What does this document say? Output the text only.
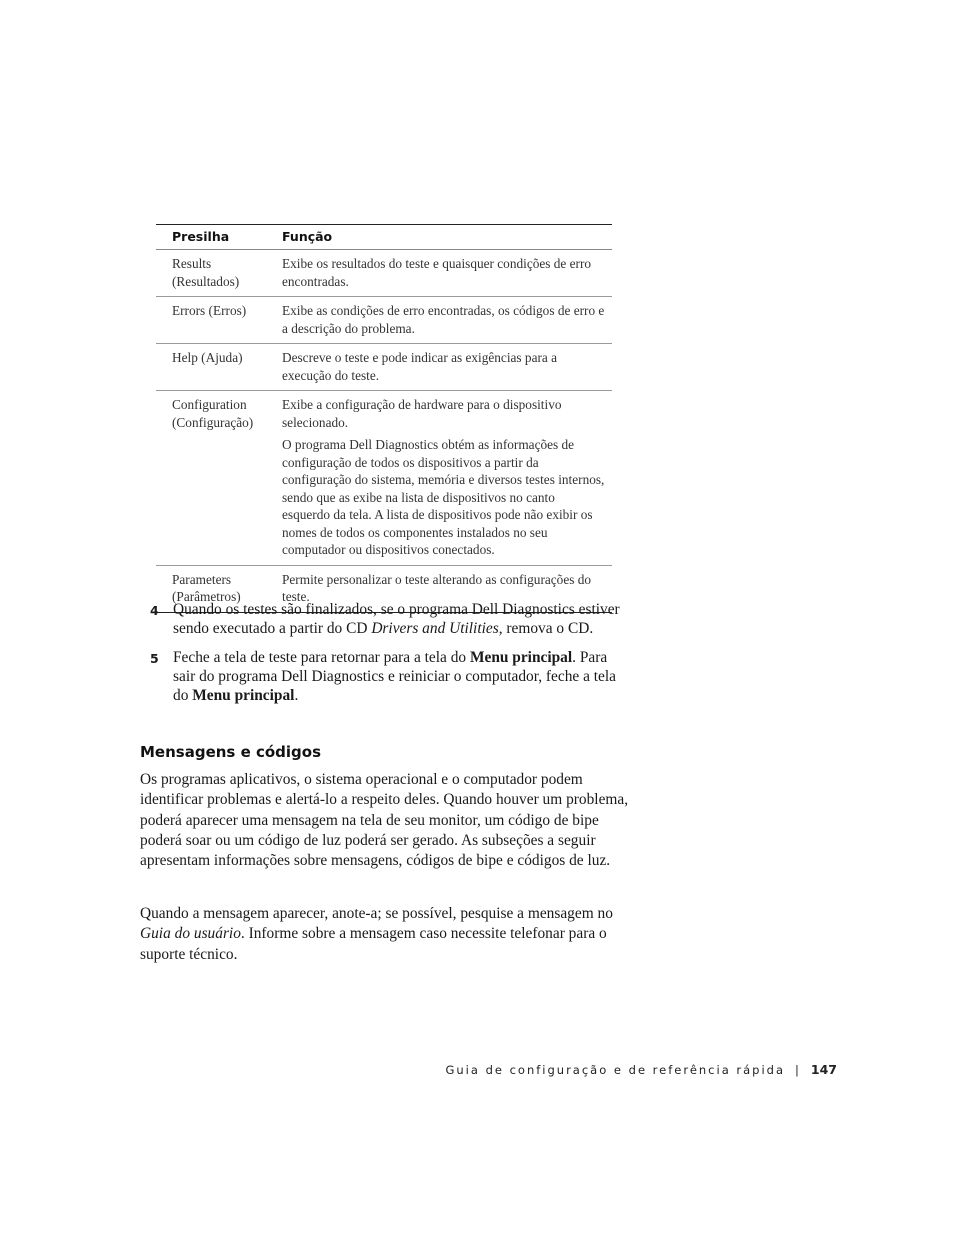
Presilha	Função
Results (Resultados)	Exibe os resultados do teste e quaisquer condições de erro encontradas.
Errors (Erros)	Exibe as condições de erro encontradas, os códigos de erro e a descrição do problema.
Help (Ajuda)	Descreve o teste e pode indicar as exigências para a execução do teste.
Configuration (Configuração)	Exibe a configuração de hardware para o dispositivo selecionado.
O programa Dell Diagnostics obtém as informações de configuração de todos os dispositivos a partir da configuração do sistema, memória e diversos testes internos, sendo que as exibe na lista de dispositivos no canto esquerdo da tela. A lista de dispositivos pode não exibir os nomes de todos os componentes instalados no seu computador ou dispositivos conectados.

Parameters (Parâmetros)	Permite personalizar o teste alterando as configurações do teste.
4 Quando os testes são finalizados, se o programa Dell Diagnostics estiver sendo executado a partir do CD Drivers and Utilities, remova o CD.
5 Feche a tela de teste para retornar para a tela do Menu principal. Para sair do programa Dell Diagnostics e reiniciar o computador, feche a tela do Menu principal.
Mensagens e códigos

Os programas aplicativos, o sistema operacional e o computador podem identificar problemas e alertá-lo a respeito deles. Quando houver um problema, poderá aparecer uma mensagem na tela de seu monitor, um código de bipe poderá soar ou um código de luz poderá ser gerado. As subseções a seguir apresentam informações sobre mensagens, códigos de bipe e códigos de luz.

Quando a mensagem aparecer, anote-a; se possível, pesquise a mensagem no Guia do usuário. Informe sobre a mensagem caso necessite telefonar para o suporte técnico.

Guia de configuração e de referência rápida | 147
